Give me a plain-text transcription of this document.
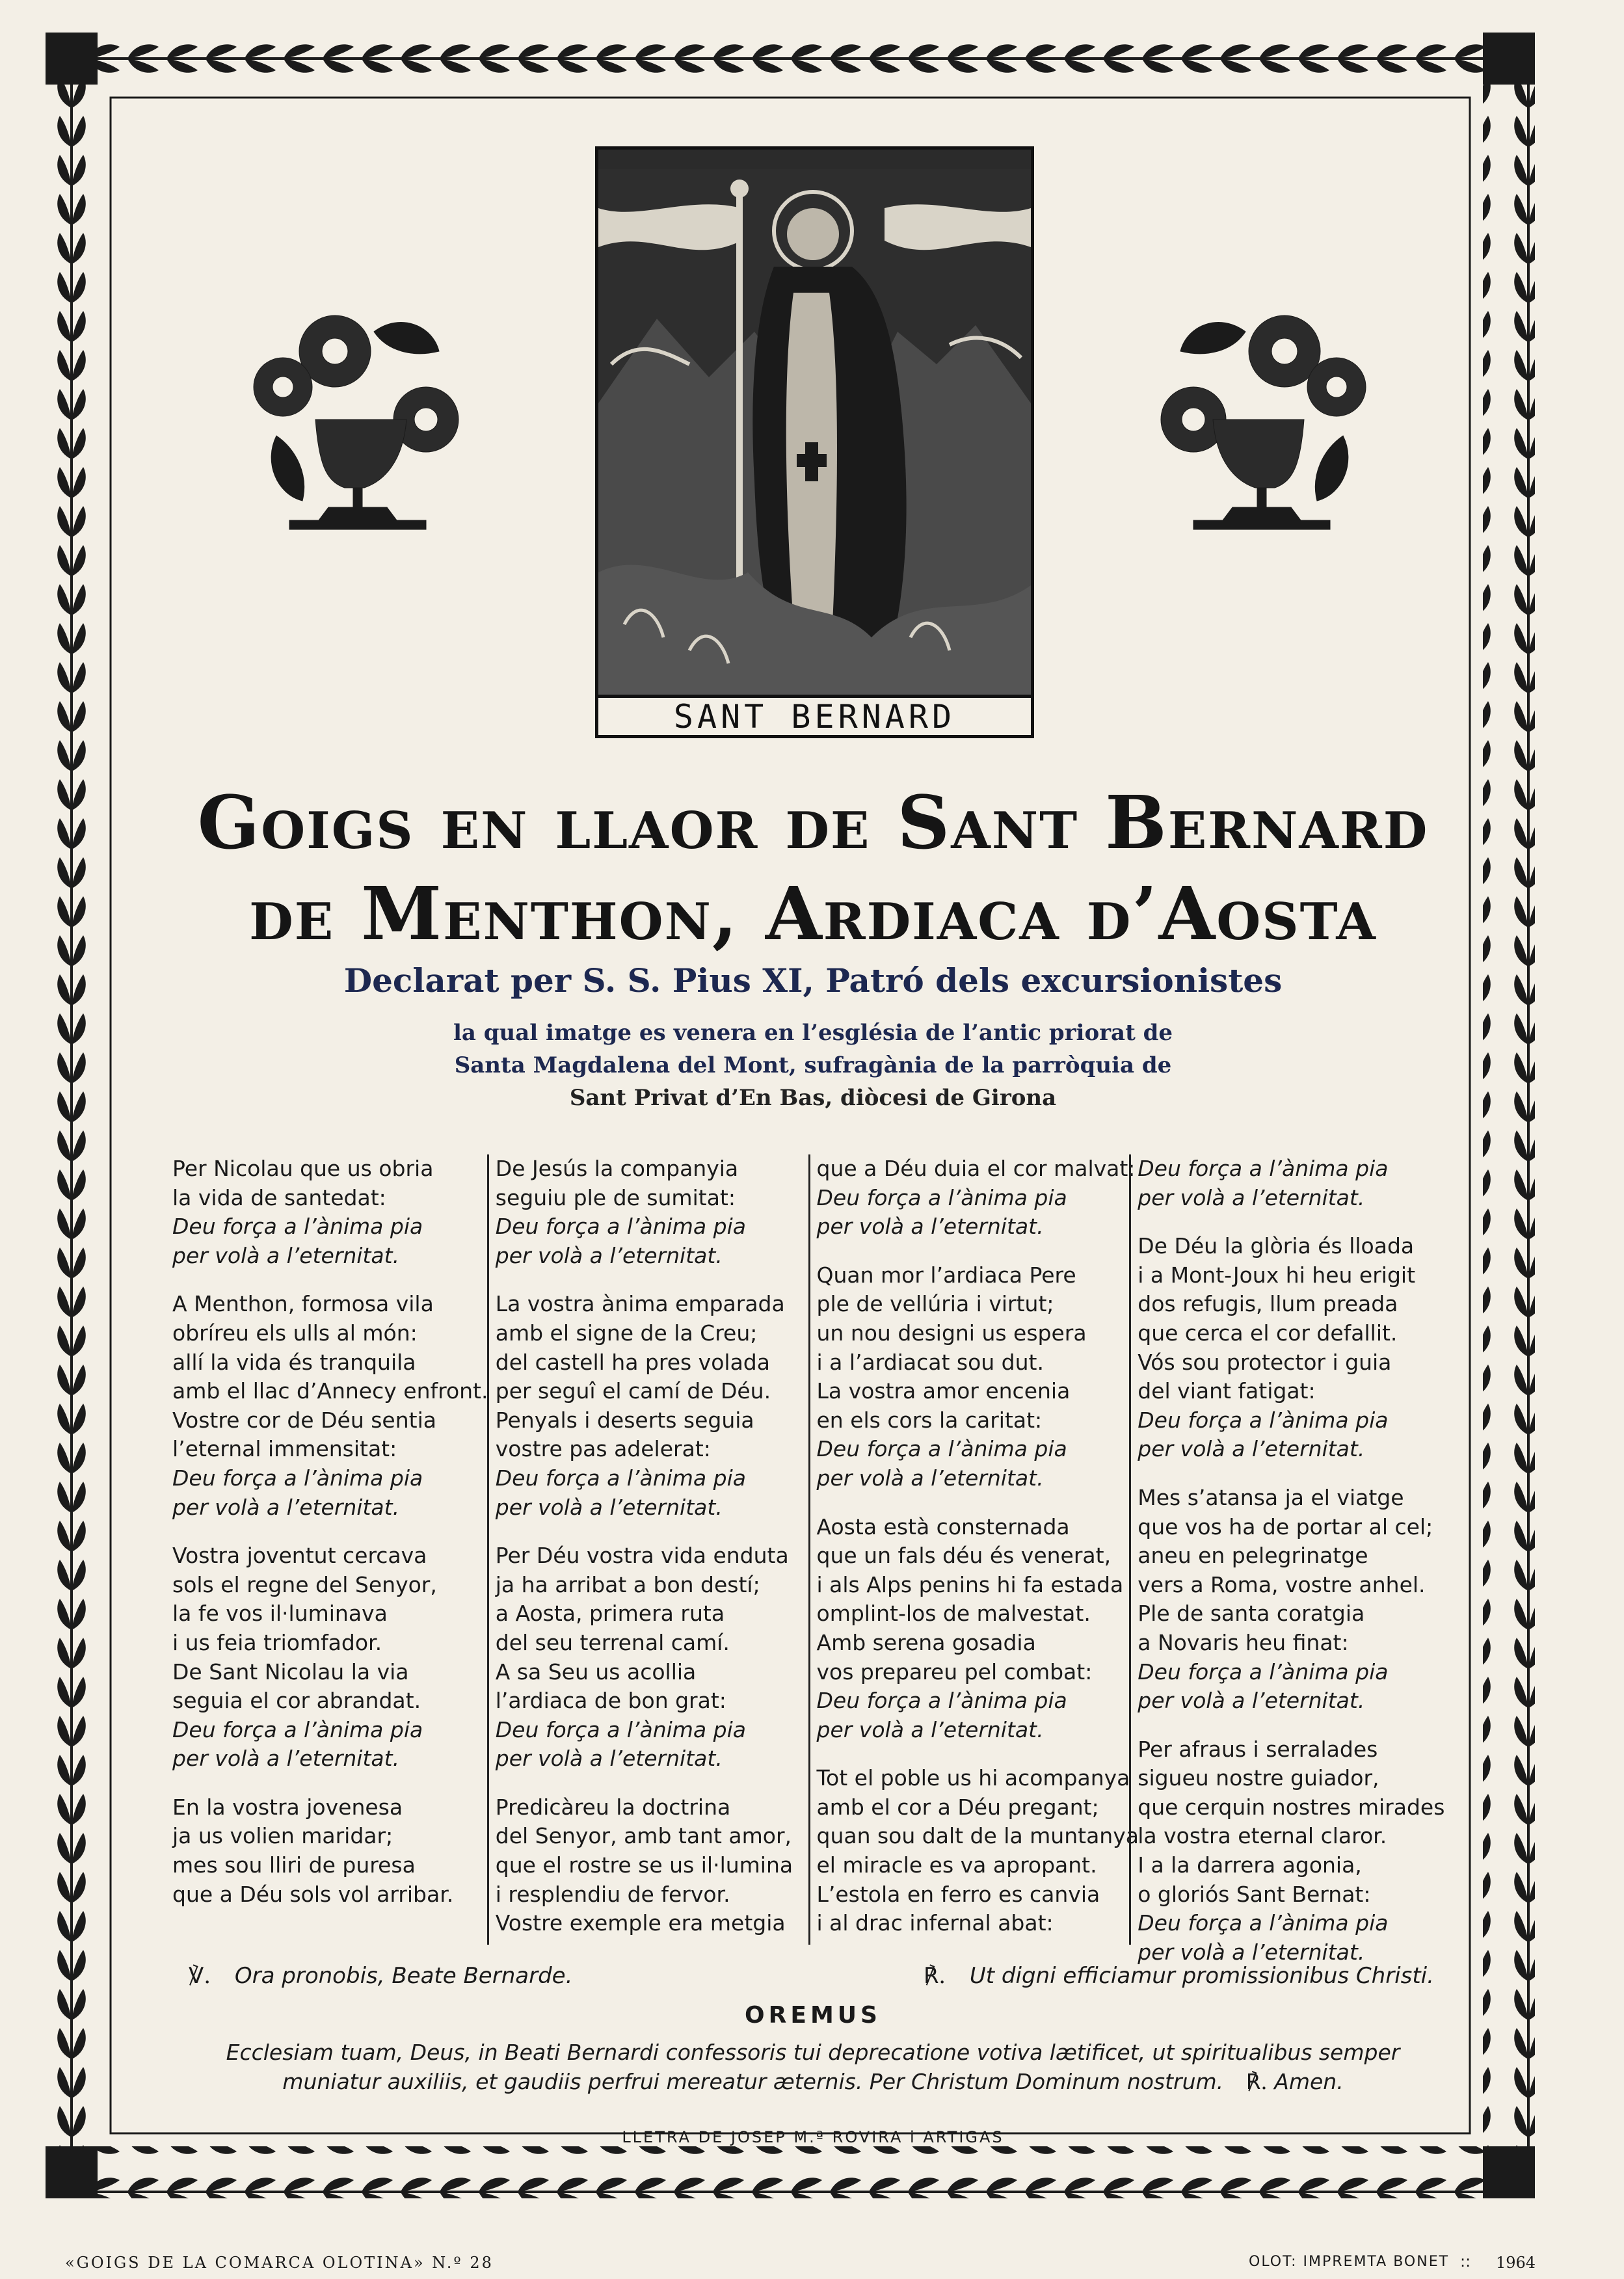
SANT BERNARD
Goigs en llaor de Sant Bernard
de Menthon, Ardiaca d’Aosta
Declarat per S. S. Pius XI, Patró dels excursionistes
la qual imatge es venera en l’església de l’antic priorat de
Santa Magdalena del Mont, sufragània de la parròquia de
Sant Privat d’En Bas, diòcesi de Girona
Per Nicolau que us obria
la vida de santedat:
Deu força a l’ànima pia
per volà a l’eternitat.
A Menthon, formosa vila
obríreu els ulls al món:
allí la vida és tranquila
amb el llac d’Annecy enfront.
Vostre cor de Déu sentia
l’eternal immensitat:
Deu força a l’ànima pia
per volà a l’eternitat.
Vostra joventut cercava
sols el regne del Senyor,
la fe vos il·luminava
i us feia triomfador.
De Sant Nicolau la via
seguia el cor abrandat.
Deu força a l’ànima pia
per volà a l’eternitat.
En la vostra jovenesa
ja us volien maridar;
mes sou lliri de puresa
que a Déu sols vol arribar.
De Jesús la companyia
seguiu ple de sumitat:
Deu força a l’ànima pia
per volà a l’eternitat.
La vostra ànima emparada
amb el signe de la Creu;
del castell ha pres volada
per seguî el camí de Déu.
Penyals i deserts seguia
vostre pas adelerat:
Deu força a l’ànima pia
per volà a l’eternitat.
Per Déu vostra vida enduta
ja ha arribat a bon destí;
a Aosta, primera ruta
del seu terrenal camí.
A sa Seu us acollia
l’ardiaca de bon grat:
Deu força a l’ànima pia
per volà a l’eternitat.
Predicàreu la doctrina
del Senyor, amb tant amor,
que el rostre se us il·lumina
i resplendiu de fervor.
Vostre exemple era metgia
que a Déu duia el cor malvat:
Deu força a l’ànima pia
per volà a l’eternitat.
Quan mor l’ardiaca Pere
ple de vellúria i virtut;
un nou designi us espera
i a l’ardiacat sou dut.
La vostra amor encenia
en els cors la caritat:
Deu força a l’ànima pia
per volà a l’eternitat.
Aosta està consternada
que un fals déu és venerat,
i als Alps penins hi fa estada
omplint-los de malvestat.
Amb serena gosadia
vos prepareu pel combat:
Deu força a l’ànima pia
per volà a l’eternitat.
Tot el poble us hi acompanya
amb el cor a Déu pregant;
quan sou dalt de la muntanya
el miracle es va apropant.
L’estola en ferro es canvia
i al drac infernal abat:
Deu força a l’ànima pia
per volà a l’eternitat.
De Déu la glòria és lloada
i a Mont-Joux hi heu erigit
dos refugis, llum preada
que cerca el cor defallit.
Vós sou protector i guia
del viant fatigat:
Deu força a l’ànima pia
per volà a l’eternitat.
Mes s’atansa ja el viatge
que vos ha de portar al cel;
aneu en pelegrinatge
vers a Roma, vostre anhel.
Ple de santa coratgia
a Novaris heu finat:
Deu força a l’ànima pia
per volà a l’eternitat.
Per afraus i serralades
sigueu nostre guiador,
que cerquin nostres mirades
la vostra eternal claror.
I a la darrera agonia,
o gloriós Sant Bernat:
Deu força a l’ànima pia
per volà a l’eternitat.
℣. Ora pronobis, Beate Bernarde.	℟. Ut digni efficiamur promissionibus Christi.
OREMUS
Ecclesiam tuam, Deus, in Beati Bernardi confessoris tui deprecatione votiva lætificet, ut spiritualibus semper
muniatur auxiliis, et gaudiis perfrui mereatur æternis. Per Christum Dominum nostrum. ℟. Amen.
LLETRA DE JOSEP M.ª ROVIRA i ARTIGAS
«GOIGS DE LA COMARCA OLOTINA» N.º 28	OLOT: IMPREMTA BONET :: 1964
